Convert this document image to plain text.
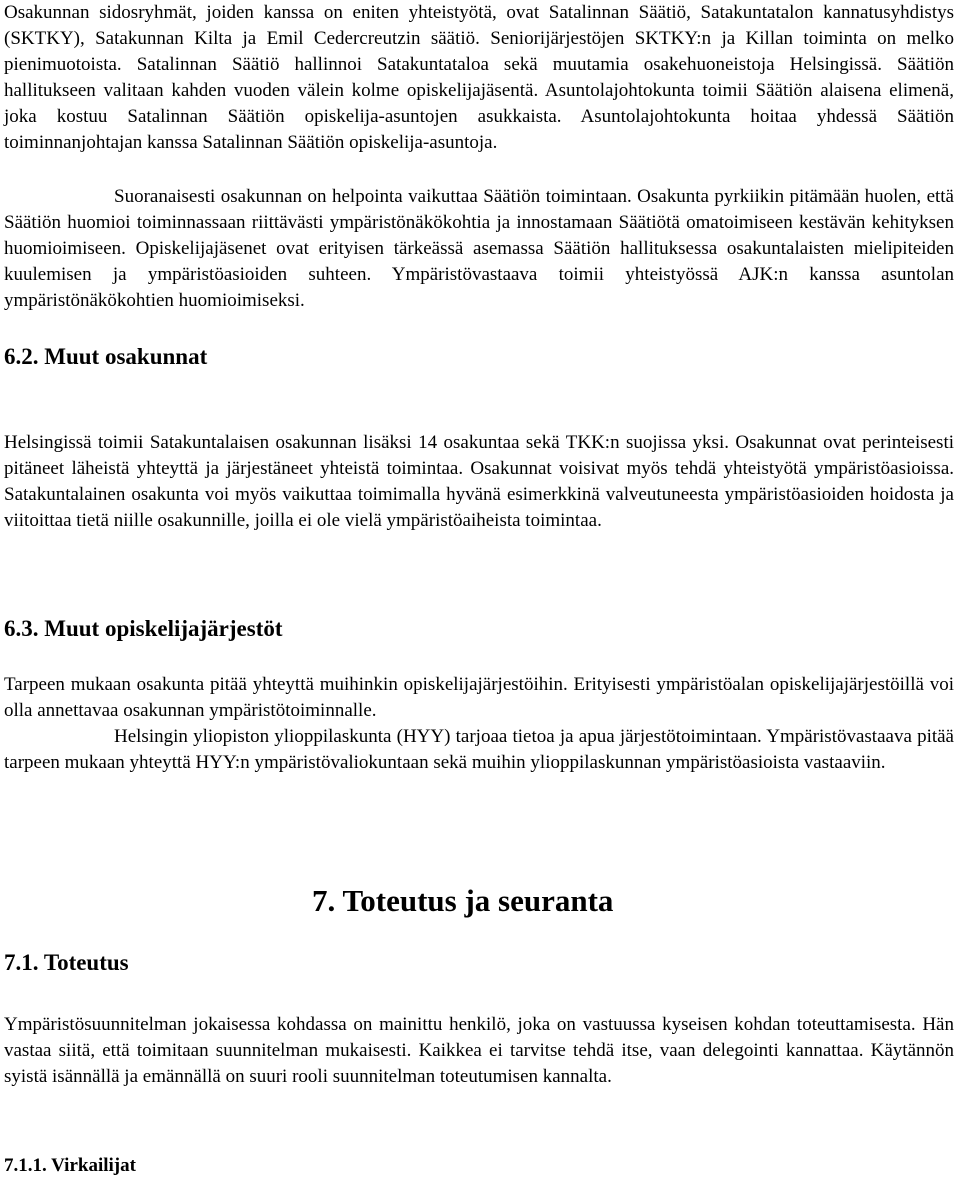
Osakunnan sidosryhmät, joiden kanssa on eniten yhteistyötä, ovat Satalinnan Säätiö, Satakuntatalon kannatusyhdistys (SKTKY), Satakunnan Kilta ja Emil Cedercreutzin säätiö. Seniorijärjestöjen SKTKY:n ja Killan toiminta on melko pienimuotoista. Satalinnan Säätiö hallinnoi Satakuntataloa sekä muutamia osakehuoneistoja Helsingissä. Säätiön hallitukseen valitaan kahden vuoden välein kolme opiskelijajäsentä. Asuntolajohtokunta toimii Säätiön alaisena elimenä, joka kostuu Satalinnan Säätiön opiskelija-asuntojen asukkaista. Asuntolajohtokunta hoitaa yhdessä Säätiön toiminnanjohtajan kanssa Satalinnan Säätiön opiskelija-asuntoja.

Suoranaisesti osakunnan on helpointa vaikuttaa Säätiön toimintaan. Osakunta pyrkiikin pitämään huolen, että Säätiön huomioi toiminnassaan riittävästi ympäristönäkökohtia ja innostamaan Säätiötä omatoimiseen kestävän kehityksen huomioimiseen. Opiskelijajäsenet ovat erityisen tärkeässä asemassa Säätiön hallituksessa osakuntalaisten mielipiteiden kuulemisen ja ympäristöasioiden suhteen. Ympäristövastaava toimii yhteistyössä AJK:n kanssa asuntolan ympäristönäkökohtien huomioimiseksi.

6.2. Muut osakunnat

Helsingissä toimii Satakuntalaisen osakunnan lisäksi 14 osakuntaa sekä TKK:n suojissa yksi. Osakunnat ovat perinteisesti pitäneet läheistä yhteyttä ja järjestäneet yhteistä toimintaa. Osakunnat voisivat myös tehdä yhteistyötä ympäristöasioissa. Satakuntalainen osakunta voi myös vaikuttaa toimimalla hyvänä esimerkkinä valveutuneesta ympäristöasioiden hoidosta ja viitoittaa tietä niille osakunnille, joilla ei ole vielä ympäristöaiheista toimintaa.

6.3. Muut opiskelijajärjestöt

Tarpeen mukaan osakunta pitää yhteyttä muihinkin opiskelijajärjestöihin. Erityisesti ympäristöalan opiskelijajärjestöillä voi olla annettavaa osakunnan ympäristötoiminnalle.

Helsingin yliopiston ylioppilaskunta (HYY) tarjoaa tietoa ja apua järjestötoimintaan. Ympäristövastaava pitää tarpeen mukaan yhteyttä HYY:n ympäristövaliokuntaan sekä muihin ylioppilaskunnan ympäristöasioista vastaaviin.

7. Toteutus ja seuranta
7.1. Toteutus

Ympäristösuunnitelman jokaisessa kohdassa on mainittu henkilö, joka on vastuussa kyseisen kohdan toteuttamisesta. Hän vastaa siitä, että toimitaan suunnitelman mukaisesti. Kaikkea ei tarvitse tehdä itse, vaan delegointi kannattaa. Käytännön syistä isännällä ja emännällä on suuri rooli suunnitelman toteutumisen kannalta.

7.1.1. Virkailijat
